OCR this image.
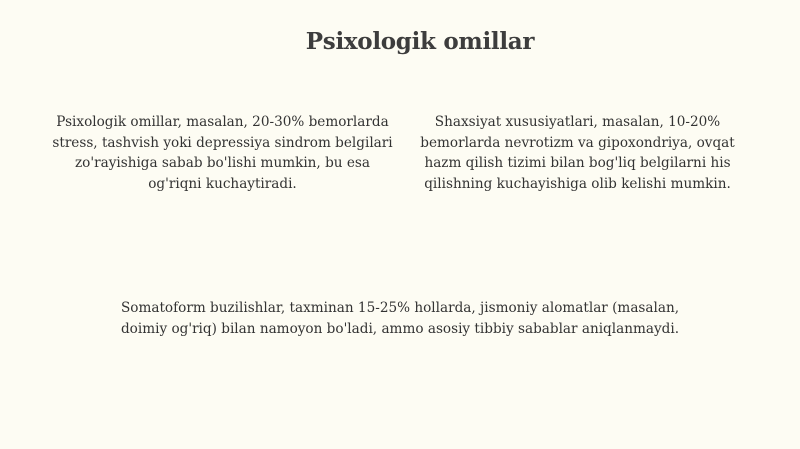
Psixologik omillar

Psixologik omillar, masalan, 20-30% bemorlarda stress, tashvish yoki depressiya sindrom belgilari zo'rayishiga sabab bo'lishi mumkin, bu esa og'riqni kuchaytiradi.

Shaxsiyat xususiyatlari, masalan, 10-20% bemorlarda nevrotizm va gipoxondriya, ovqat hazm qilish tizimi bilan bog'liq belgilarni his qilishning kuchayishiga olib kelishi mumkin.

Somatoform buzilishlar, taxminan 15-25% hollarda, jismoniy alomatlar (masalan, doimiy og'riq) bilan namoyon bo'ladi, ammo asosiy tibbiy sabablar aniqlanmaydi.
